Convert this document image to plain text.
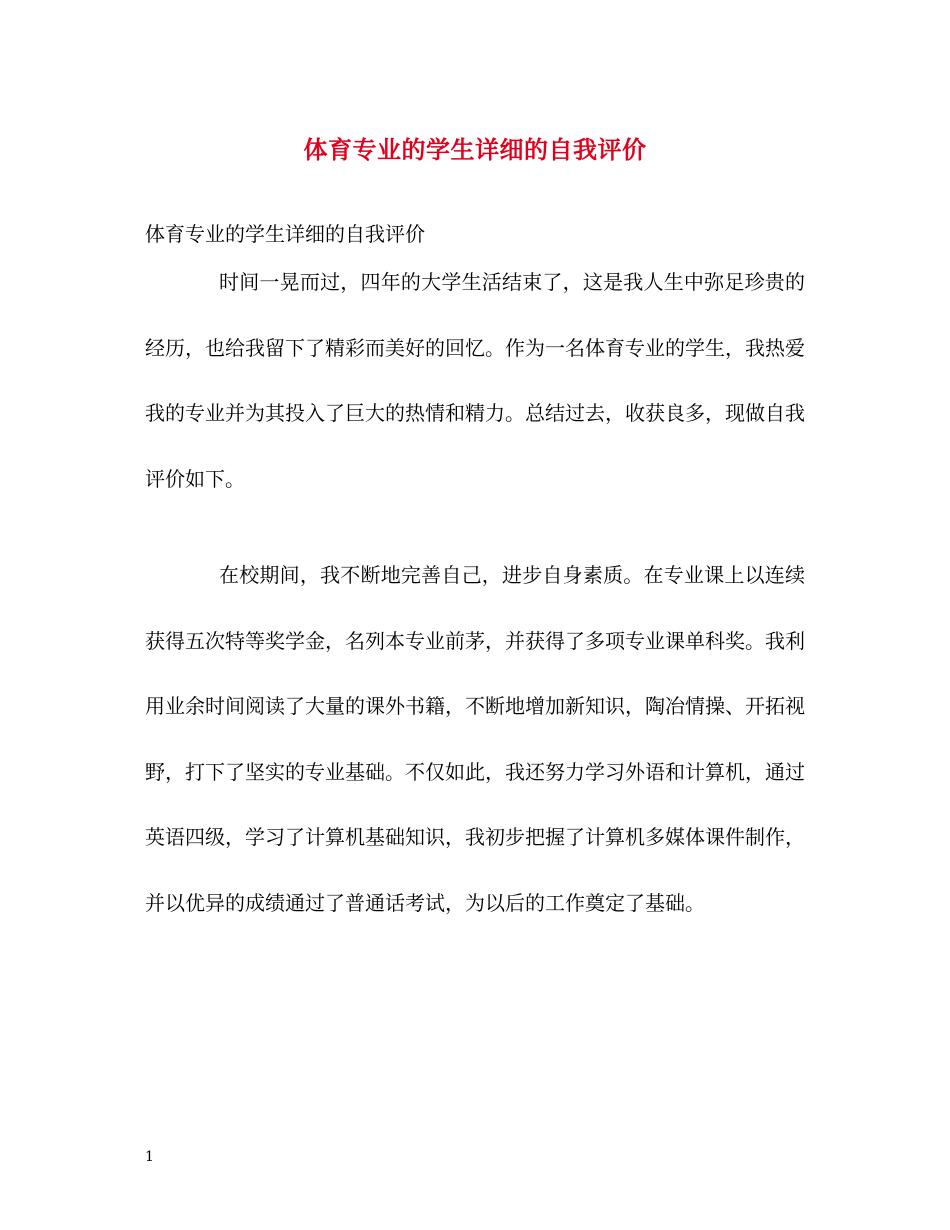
体育专业的学生详细的自我评价
体育专业的学生详细的自我评价

时间一晃而过，四年的大学生活结束了，这是我人生中弥足珍贵的经历，也给我留下了精彩而美好的回忆。作为一名体育专业的学生，我热爱我的专业并为其投入了巨大的热情和精力。总结过去，收获良多，现做自我评价如下。

在校期间，我不断地完善自己，进步自身素质。在专业课上以连续获得五次特等奖学金，名列本专业前茅，并获得了多项专业课单科奖。我利用业余时间阅读了大量的课外书籍，不断地增加新知识，陶冶情操、开拓视野，打下了坚实的专业基础。不仅如此，我还努力学习外语和计算机，通过英语四级，学习了计算机基础知识，我初步把握了计算机多媒体课件制作，并以优异的成绩通过了普通话考试，为以后的工作奠定了基础。

1
